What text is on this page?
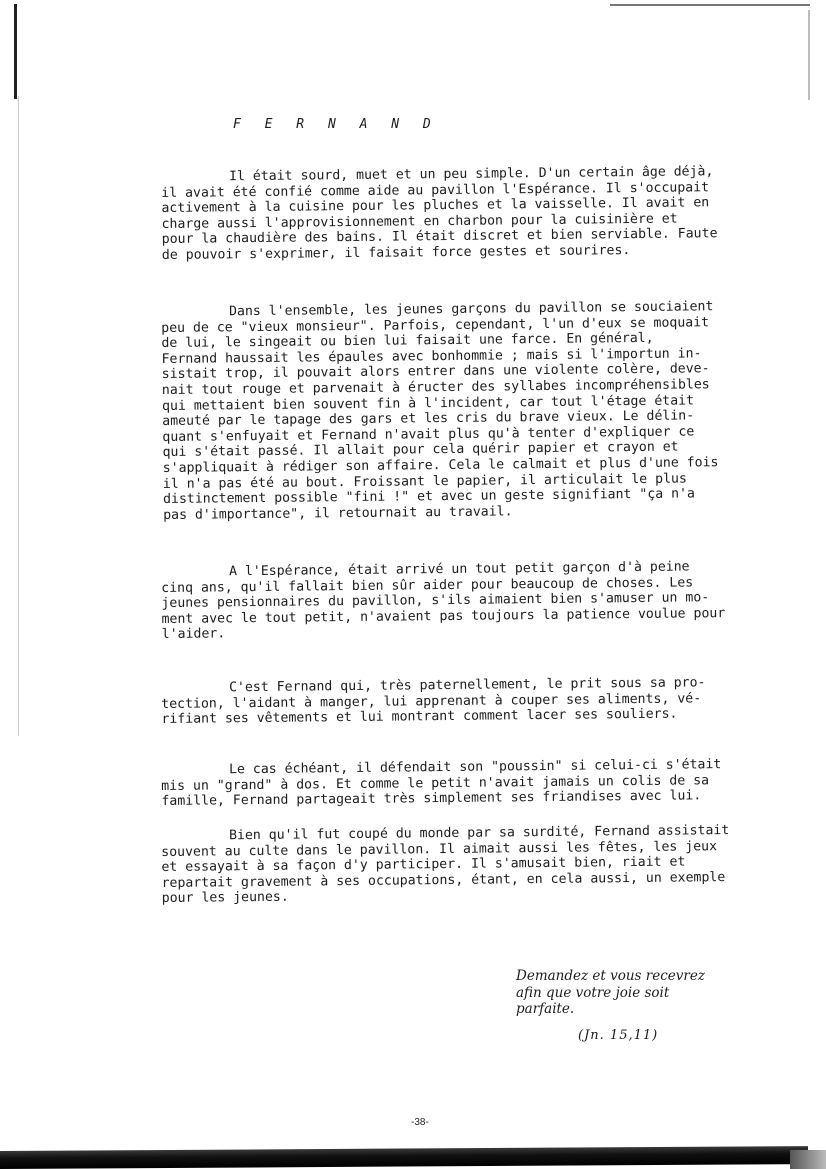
F E R N A N D

Il était sourd, muet et un peu simple. D'un certain âge déjà,
il avait été confié comme aide au pavillon l'Espérance. Il s'occupait
activement à la cuisine pour les pluches et la vaisselle. Il avait en
charge aussi l'approvisionnement en charbon pour la cuisinière et
pour la chaudière des bains. Il était discret et bien serviable. Faute
de pouvoir s'exprimer, il faisait force gestes et sourires.

Dans l'ensemble, les jeunes garçons du pavillon se souciaient
peu de ce "vieux monsieur". Parfois, cependant, l'un d'eux se moquait
de lui, le singeait ou bien lui faisait une farce. En général,
Fernand haussait les épaules avec bonhommie ; mais si l'importun in-
sistait trop, il pouvait alors entrer dans une violente colère, deve-
nait tout rouge et parvenait à éructer des syllabes incompréhensibles
qui mettaient bien souvent fin à l'incident, car tout l'étage était
ameuté par le tapage des gars et les cris du brave vieux. Le délin-
quant s'enfuyait et Fernand n'avait plus qu'à tenter d'expliquer ce
qui s'était passé. Il allait pour cela quérir papier et crayon et
s'appliquait à rédiger son affaire. Cela le calmait et plus d'une fois
il n'a pas été au bout. Froissant le papier, il articulait le plus
distinctement possible "fini !" et avec un geste signifiant "ça n'a
pas d'importance", il retournait au travail.

A l'Espérance, était arrivé un tout petit garçon d'à peine
cinq ans, qu'il fallait bien sûr aider pour beaucoup de choses. Les
jeunes pensionnaires du pavillon, s'ils aimaient bien s'amuser un mo-
ment avec le tout petit, n'avaient pas toujours la patience voulue pour
l'aider.

C'est Fernand qui, très paternellement, le prit sous sa pro-
tection, l'aidant à manger, lui apprenant à couper ses aliments, vé-
rifiant ses vêtements et lui montrant comment lacer ses souliers.

Le cas échéant, il défendait son "poussin" si celui-ci s'était
mis un "grand" à dos. Et comme le petit n'avait jamais un colis de sa
famille, Fernand partageait très simplement ses friandises avec lui.

Bien qu'il fut coupé du monde par sa surdité, Fernand assistait
souvent au culte dans le pavillon. Il aimait aussi les fêtes, les jeux
et essayait à sa façon d'y participer. Il s'amusait bien, riait et
repartait gravement à ses occupations, étant, en cela aussi, un exemple
pour les jeunes.

Demandez et vous recevrez
afin que votre joie soit
parfaite.
(Jn. 15,11)
-38-
